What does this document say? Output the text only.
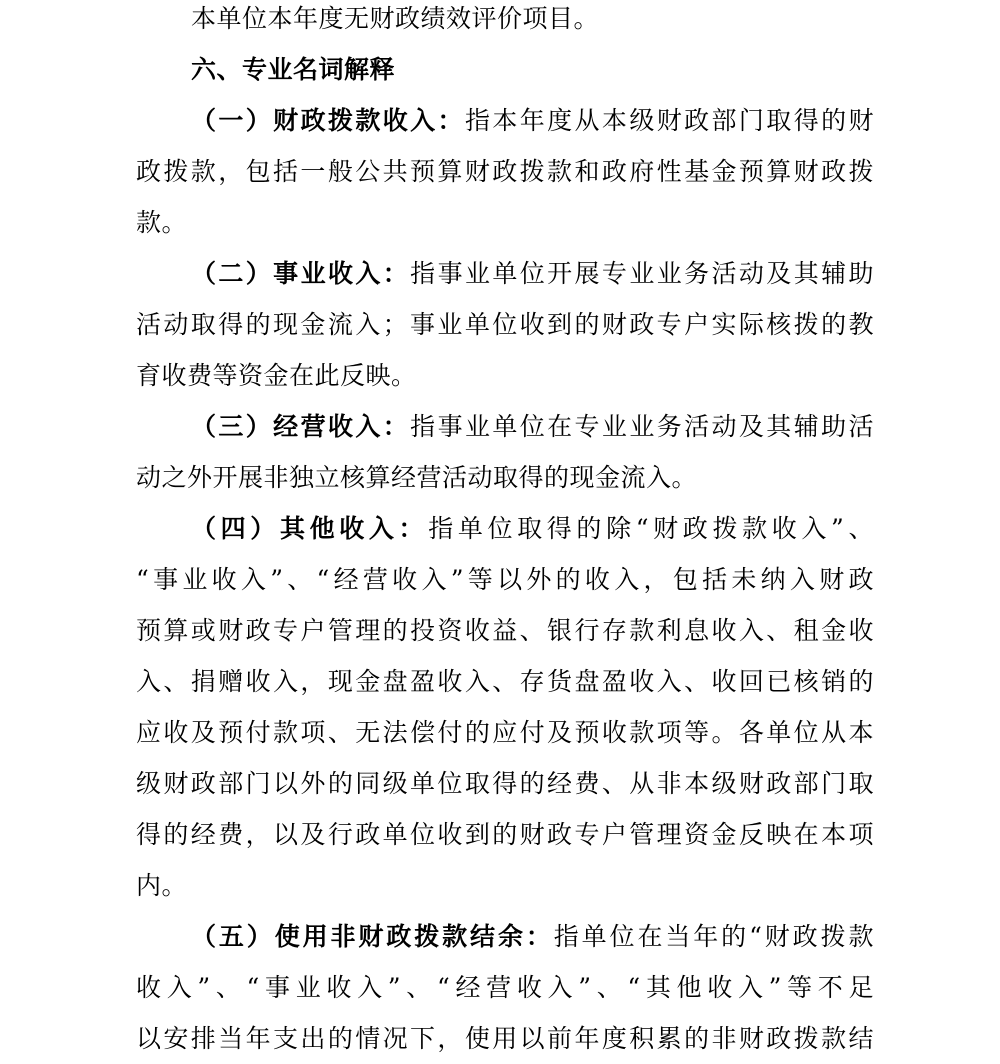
本单位本年度无财政绩效评价项目。
六、专业名词解释
（一）财政拨款收入：指本年度从本级财政部门取得的财
政拨款，包括一般公共预算财政拨款和政府性基金预算财政拨
款。
（二）事业收入：指事业单位开展专业业务活动及其辅助
活动取得的现金流入；事业单位收到的财政专户实际核拨的教
育收费等资金在此反映。
（三）经营收入：指事业单位在专业业务活动及其辅助活
动之外开展非独立核算经营活动取得的现金流入。
（四）其他收入：指单位取得的除“财政拨款收入”、
“事业收入”、“经营收入”等以外的收入，包括未纳入财政
预算或财政专户管理的投资收益、银行存款利息收入、租金收
入、捐赠收入，现金盘盈收入、存货盘盈收入、收回已核销的
应收及预付款项、无法偿付的应付及预收款项等。各单位从本
级财政部门以外的同级单位取得的经费、从非本级财政部门取
得的经费，以及行政单位收到的财政专户管理资金反映在本项
内。
（五）使用非财政拨款结余：指单位在当年的“财政拨款
收入”、“事业收入”、“经营收入”、“其他收入”等不足
以安排当年支出的情况下，使用以前年度积累的非财政拨款结
